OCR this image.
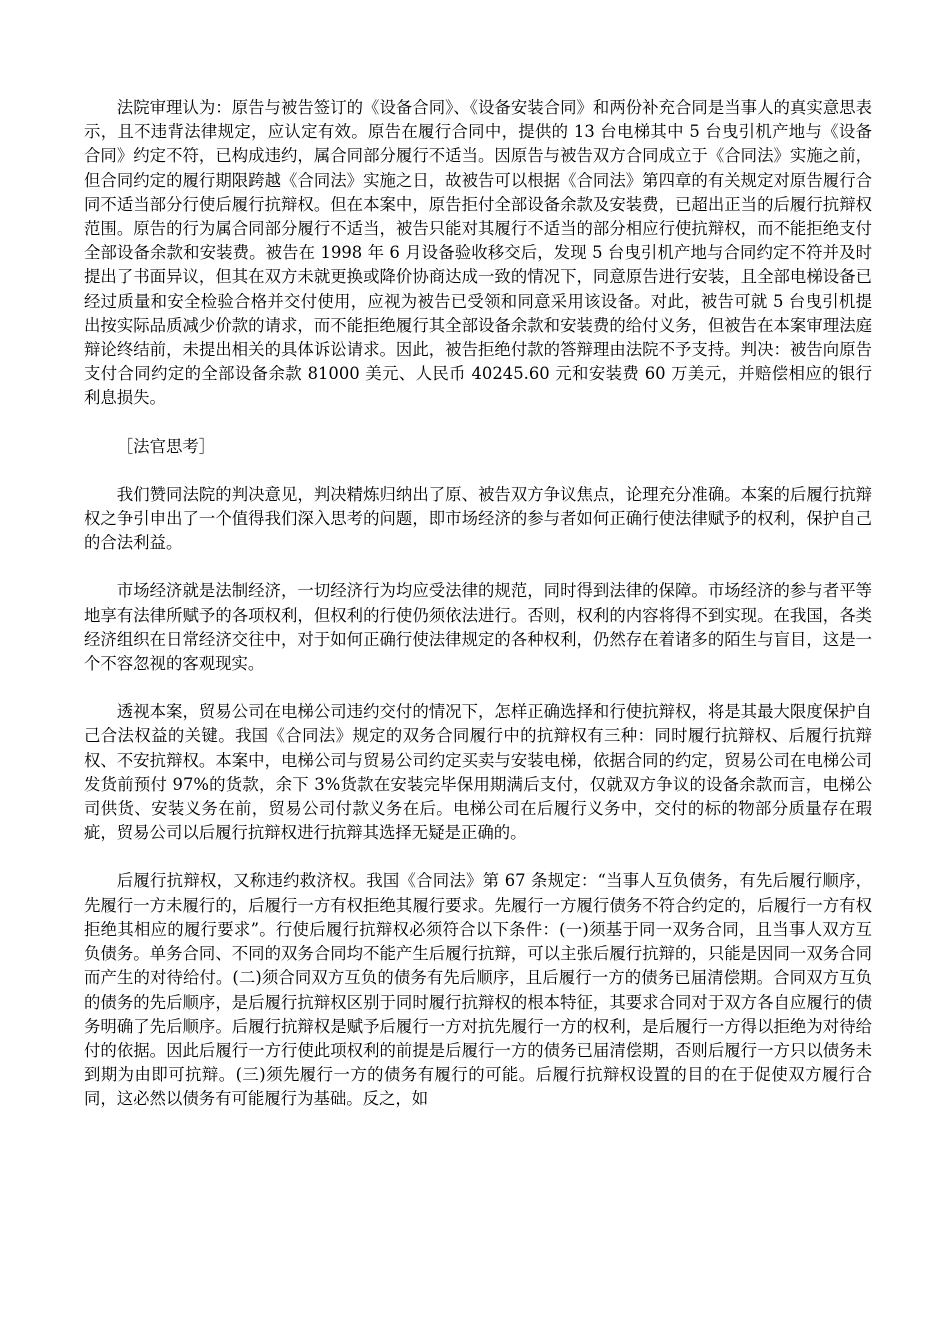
法院审理认为：原告与被告签订的《设备合同》、《设备安装合同》和两份补充合同是当事人的真实意思表示，且不违背法律规定，应认定有效。原告在履行合同中，提供的 13 台电梯其中 5 台曳引机产地与《设备合同》约定不符，已构成违约，属合同部分履行不适当。因原告与被告双方合同成立于《合同法》实施之前，但合同约定的履行期限跨越《合同法》实施之日，故被告可以根据《合同法》第四章的有关规定对原告履行合同不适当部分行使后履行抗辩权。但在本案中，原告拒付全部设备余款及安装费，已超出正当的后履行抗辩权范围。原告的行为属合同部分履行不适当，被告只能对其履行不适当的部分相应行使抗辩权，而不能拒绝支付全部设备余款和安装费。被告在 1998 年 6 月设备验收移交后，发现 5 台曳引机产地与合同约定不符并及时提出了书面异议，但其在双方未就更换或降价协商达成一致的情况下，同意原告进行安装，且全部电梯设备已经过质量和安全检验合格并交付使用，应视为被告已受领和同意采用该设备。对此，被告可就 5 台曳引机提出按实际品质减少价款的请求，而不能拒绝履行其全部设备余款和安装费的给付义务，但被告在本案审理法庭辩论终结前，未提出相关的具体诉讼请求。因此，被告拒绝付款的答辩理由法院不予支持。判决：被告向原告支付合同约定的全部设备余款 81000 美元、人民币 40245.60 元和安装费 60 万美元，并赔偿相应的银行利息损失。

［法官思考］

我们赞同法院的判决意见，判决精炼归纳出了原、被告双方争议焦点，论理充分准确。本案的后履行抗辩权之争引申出了一个值得我们深入思考的问题，即市场经济的参与者如何正确行使法律赋予的权利，保护自己的合法利益。

市场经济就是法制经济，一切经济行为均应受法律的规范，同时得到法律的保障。市场经济的参与者平等地享有法律所赋予的各项权利，但权利的行使仍须依法进行。否则，权利的内容将得不到实现。在我国，各类经济组织在日常经济交往中，对于如何正确行使法律规定的各种权利，仍然存在着诸多的陌生与盲目，这是一个不容忽视的客观现实。

透视本案，贸易公司在电梯公司违约交付的情况下，怎样正确选择和行使抗辩权，将是其最大限度保护自己合法权益的关键。我国《合同法》规定的双务合同履行中的抗辩权有三种：同时履行抗辩权、后履行抗辩权、不安抗辩权。本案中，电梯公司与贸易公司约定买卖与安装电梯，依据合同的约定，贸易公司在电梯公司发货前预付 97%的货款，余下 3%货款在安装完毕保用期满后支付，仅就双方争议的设备余款而言，电梯公司供货、安装义务在前，贸易公司付款义务在后。电梯公司在后履行义务中，交付的标的物部分质量存在瑕疵，贸易公司以后履行抗辩权进行抗辩其选择无疑是正确的。

后履行抗辩权，又称违约救济权。我国《合同法》第 67 条规定：“当事人互负债务，有先后履行顺序，先履行一方未履行的，后履行一方有权拒绝其履行要求。先履行一方履行债务不符合约定的，后履行一方有权拒绝其相应的履行要求”。行使后履行抗辩权必须符合以下条件：(一)须基于同一双务合同，且当事人双方互负债务。单务合同、不同的双务合同均不能产生后履行抗辩，可以主张后履行抗辩的，只能是因同一双务合同而产生的对待给付。(二)须合同双方互负的债务有先后顺序，且后履行一方的债务已届清偿期。合同双方互负的债务的先后顺序，是后履行抗辩权区别于同时履行抗辩权的根本特征，其要求合同对于双方各自应履行的债务明确了先后顺序。后履行抗辩权是赋予后履行一方对抗先履行一方的权利，是后履行一方得以拒绝为对待给付的依据。因此后履行一方行使此项权利的前提是后履行一方的债务已届清偿期，否则后履行一方只以债务未到期为由即可抗辩。(三)须先履行一方的债务有履行的可能。后履行抗辩权设置的目的在于促使双方履行合同，这必然以债务有可能履行为基础。反之，如
